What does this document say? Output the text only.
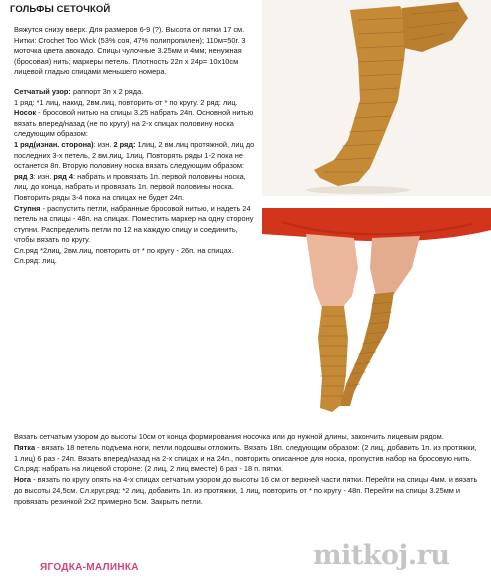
ГОЛЬФЫ СЕТОЧКОЙ

Вяжутся снизу вверх. Для размеров 6-9 (?). Высота от пятки 17 см. Нитки: Crochet Too Wick (53% соя, 47% полипропилен); 110м=50г. 3 моточка цвета авокадо. Спицы чулочные 3.25мм и 4мм; ненужная (бросовая) нить; маркеры петель. Плотность 22п х 24р= 10х10см лицевой гладью спицами меньшего номера.

Сетчатый узор: раппорт 3п х 2 ряда.

1 ряд: *1 лиц, накид, 2вм.лиц, повторить от * по кругу. 2 ряд: лиц.

Носок - бросовой нитью на спицы 3.25 набрать 24п. Основной нитью вязать вперед/назад (не по кругу) на 2-х спицах половину носка следующим образом:

1 ряд(изнан. сторона): изн. 2 ряд: 1лиц, 2 вм.лиц протяжной, лиц до последних 3-х петель, 2 вм.лиц, 1лиц. Повторять ряды 1-2 пока не останется 8п. Вторую половину носка вязать следующим образом: ряд 3: изн. ряд 4: набрать и провязать 1п. первой половины носка, лиц. до конца, набрать и провязать 1п. первой половины носка. Повторить ряды 3-4 пока на спицах не будет 24п.

Ступня - распустить петли, набранные бросовой нитью, и надеть 24 петель на спицы - 48п. на спицах. Поместить маркер на одну сторону ступни. Распределить петли по 12 на каждую спицу и соединить, чтобы вязать по кругу.

Сл.ряд *2лиц, 2вм.лиц, повторить от * по кругу - 26п. на спицах. Сл.ряд: лиц.

Вязать сетчатым узором до высоты 10см от конца формирования носочка или до нужной длины, закончить лицевым рядом.

Пятка - вязать 18 петель подъема ноги, петли подошвы отложить. Вязать 18п. следующим образом: (2 лиц, добавить 1п. из протяжки, 1 лиц) 6 раз - 24п. Вязать вперед/назад на 2-х спицах и на 24п., повторить описанное для носка, пропустив набор на бросовую нить. Сл.ряд: набрать на лицевой стороне: (2 лиц, 2 лиц вместе) 6 раз - 18 п. пятки.

Нога - вязать по кругу опять на 4-х спицах сетчатым узором до высоты 16 см от верхней части пятки. Перейти на спицы 4мм. и вязать до высоты 24,5см. Сл.круг.ряд: *2 лиц, добавить 1п. из протяжки, 1 лиц, повторить от * по кругу - 48п. Перейти на спицы 3.25мм и провязать резинкой 2х2 примерно 5см. Закрыть петли.

mitkoj.ru
ЯГОДКА-МАЛИНКА
